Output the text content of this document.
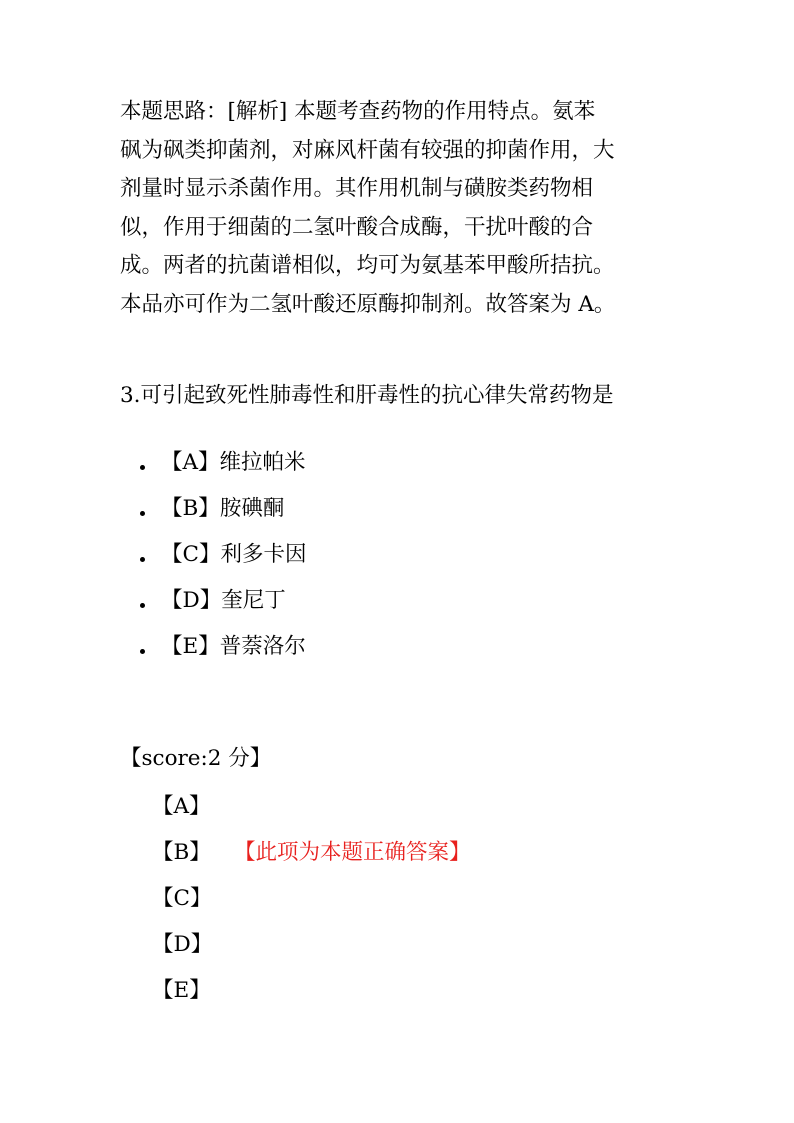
本题思路：[解析] 本题考查药物的作用特点。氨苯
砜为砜类抑菌剂，对麻风杆菌有较强的抑菌作用，大
剂量时显示杀菌作用。其作用机制与磺胺类药物相
似，作用于细菌的二氢叶酸合成酶，干扰叶酸的合
成。两者的抗菌谱相似，均可为氨基苯甲酸所拮抗。
本品亦可作为二氢叶酸还原酶抑制剂。故答案为 A。
3.可引起致死性肺毒性和肝毒性的抗心律失常药物是
【A】 维拉帕米
【B】 胺碘酮
【C】 利多卡因
【D】 奎尼丁
【E】 普萘洛尔
【score:2 分】
【A】
【B】	【此项为本题正确答案】
【C】
【D】
【E】
